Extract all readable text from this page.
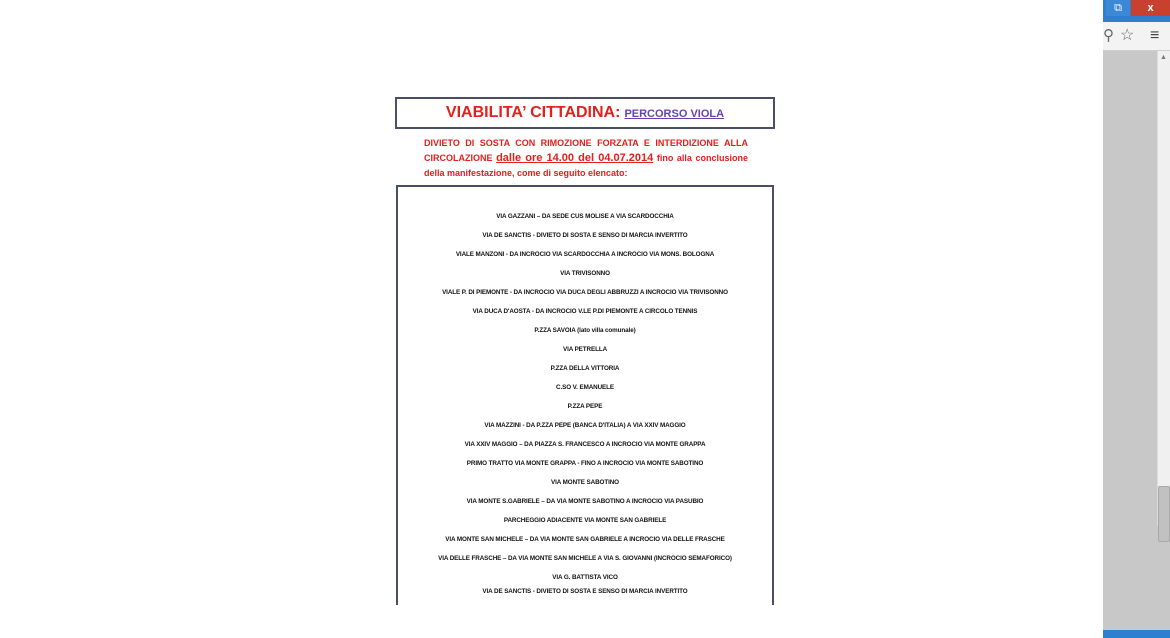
VIABILITA’ CITTADINA: PERCORSO VIOLA
DIVIETO DI SOSTA CON RIMOZIONE FORZATA E INTERDIZIONE ALLA CIRCOLAZIONE dalle ore 14.00 del 04.07.2014 fino alla conclusione della manifestazione, come di seguito elencato:
VIA GAZZANI – DA SEDE CUS MOLISE A VIA SCARDOCCHIA
VIA DE SANCTIS - DIVIETO DI SOSTA E SENSO DI MARCIA INVERTITO
VIALE MANZONI - DA INCROCIO VIA SCARDOCCHIA A INCROCIO VIA MONS. BOLOGNA
VIA TRIVISONNO
VIALE P. DI PIEMONTE - DA INCROCIO VIA DUCA DEGLI ABBRUZZI A INCROCIO VIA TRIVISONNO
VIA DUCA D'AOSTA - DA INCROCIO V.LE P.DI PIEMONTE A CIRCOLO TENNIS
P.ZZA SAVOIA (lato villa comunale)
VIA PETRELLA
P.ZZA DELLA VITTORIA
C.SO V. EMANUELE
P.ZZA PEPE
VIA MAZZINI - DA P.ZZA PEPE (BANCA D'ITALIA) A VIA XXIV MAGGIO
VIA XXIV MAGGIO – DA PIAZZA S. FRANCESCO A INCROCIO VIA MONTE GRAPPA
PRIMO TRATTO VIA MONTE GRAPPA - FINO A INCROCIO VIA MONTE SABOTINO
VIA MONTE SABOTINO
VIA MONTE S.GABRIELE – DA VIA MONTE SABOTINO A INCROCIO VIA PASUBIO
PARCHEGGIO ADIACENTE VIA MONTE SAN GABRIELE
VIA MONTE SAN MICHELE – DA VIA MONTE SAN GABRIELE A INCROCIO VIA DELLE FRASCHE
VIA DELLE FRASCHE – DA VIA MONTE SAN MICHELE A VIA S. GIOVANNI (INCROCIO SEMAFORICO)
VIA G. BATTISTA VICO
VIA DE SANCTIS - DIVIETO DI SOSTA E SENSO DI MARCIA INVERTITO
⧉	x
⚲ ☆ ≡
▲
